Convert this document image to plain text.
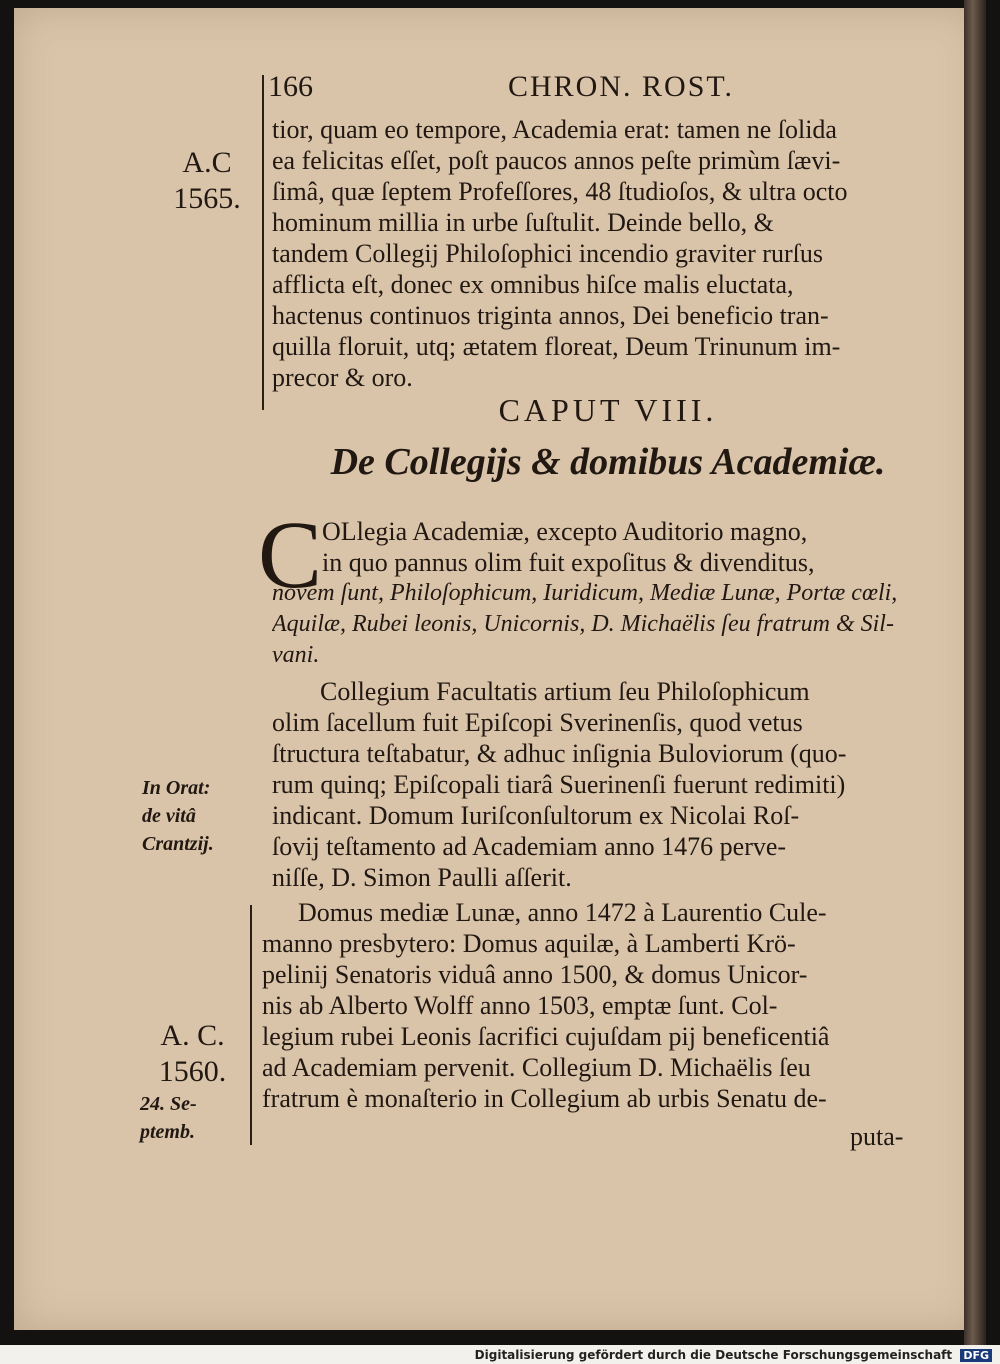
166	CHRON. ROST.
A.C
1565.
In Orat:
de vitâ
Crantzij.
A. C.
1560.
24. Se-
ptemb.
tior, quam eo tempore, Academia erat: tamen ne ſolida
ea felicitas eſſet, poſt paucos annos peſte primùm ſævi-
ſimâ, quæ ſeptem Profeſſores, 48 ſtudioſos, & ultra octo
hominum millia in urbe ſuſtulit. Deinde bello, &
tandem Collegij Philoſophici incendio graviter rurſus
afflicta eſt, donec ex omnibus hiſce malis eluctata,
hactenus continuos triginta annos, Dei beneficio tran-
quilla floruit, utq; ætatem floreat, Deum Trinunum im-
precor & oro.
CAPUT VIII.
De Collegijs & domibus Academiæ.
C OLlegia Academiæ, excepto Auditorio magno,
in quo pannus olim fuit expoſitus & divenditus,
novem ſunt, Philoſophicum, Iuridicum, Mediæ Lunæ, Portæ cœli,
Aquilæ, Rubei leonis, Unicornis, D. Michaëlis ſeu fratrum & Sil-
vani.
Collegium Facultatis artium ſeu Philoſophicum
olim ſacellum fuit Epiſcopi Sverinenſis, quod vetus
ſtructura teſtabatur, & adhuc inſignia Buloviorum (quo-
rum quinq; Epiſcopali tiarâ Suerinenſi fuerunt redimiti)
indicant. Domum Iuriſconſultorum ex Nicolai Roſ-
ſovij teſtamento ad Academiam anno 1476 perve-
niſſe, D. Simon Paulli aſſerit.
Domus mediæ Lunæ, anno 1472 à Laurentio Cule-
manno presbytero: Domus aquilæ, à Lamberti Krö-
pelinij Senatoris viduâ anno 1500, & domus Unicor-
nis ab Alberto Wolff anno 1503, emptæ ſunt. Col-
legium rubei Leonis ſacrifici cujuſdam pij beneficentiâ
ad Academiam pervenit. Collegium D. Michaëlis ſeu
fratrum è monaſterio in Collegium ab urbis Senatu de-
puta-
Digitalisierung gefördert durch die Deutsche Forschungsgemeinschaft DFG
